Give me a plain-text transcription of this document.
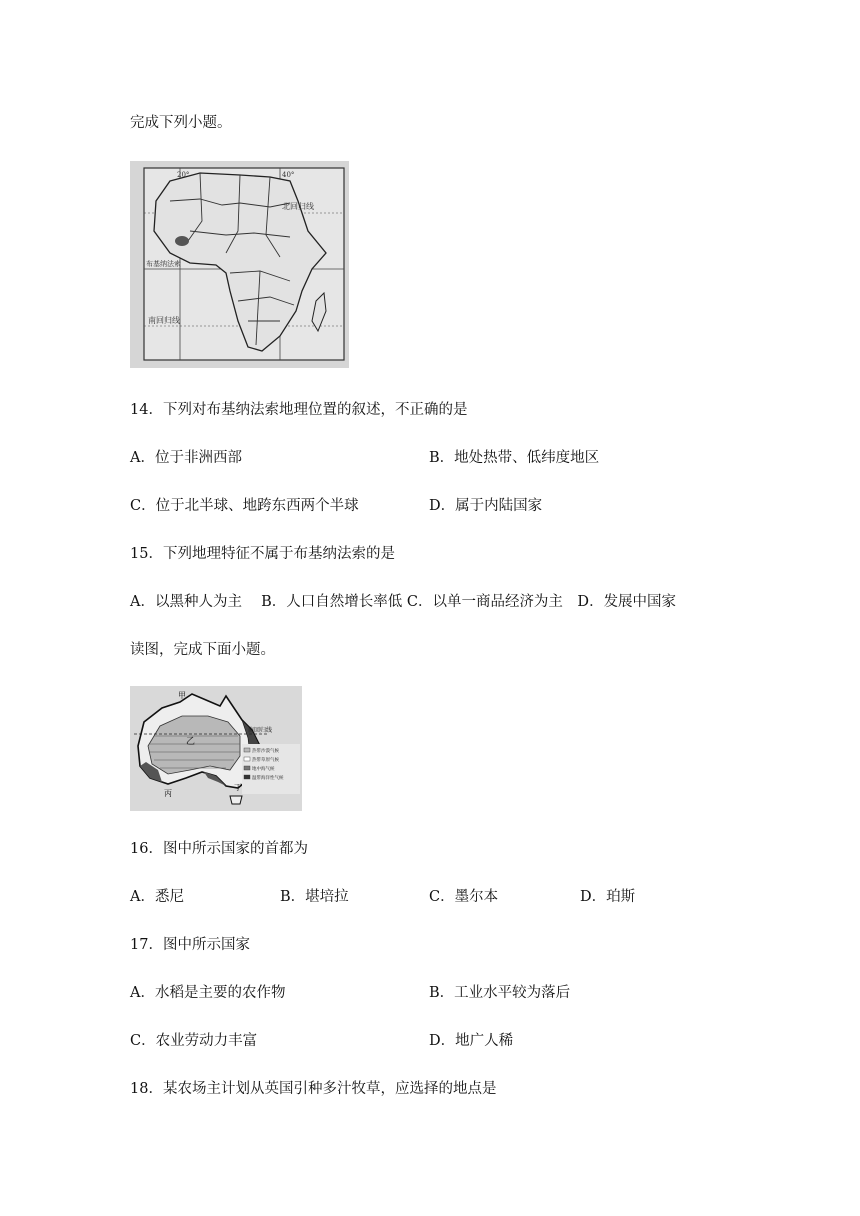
完成下列小题。
20°	40°
北回归线
布基纳法索
南回归线
14．下列对布基纳法索地理位置的叙述，不正确的是
A．位于非洲西部	B．地处热带、低纬度地区
C．位于北半球、地跨东西两个半球	D．属于内陆国家
15．下列地理特征不属于布基纳法索的是
A．以黑种人为主　 B．人口自然增长率低 C．以单一商品经济为主　D．发展中国家
读图，完成下面小题。
热带沙漠气候
热带草原气候
地中海气候
温带海洋性气候
南回归线
甲
乙
丙
丁
16．图中所示国家的首都为
A．悉尼	B．堪培拉	C．墨尔本	D．珀斯
17．图中所示国家
A．水稻是主要的农作物	B．工业水平较为落后
C．农业劳动力丰富	D．地广人稀
18．某农场主计划从英国引种多汁牧草，应选择的地点是
